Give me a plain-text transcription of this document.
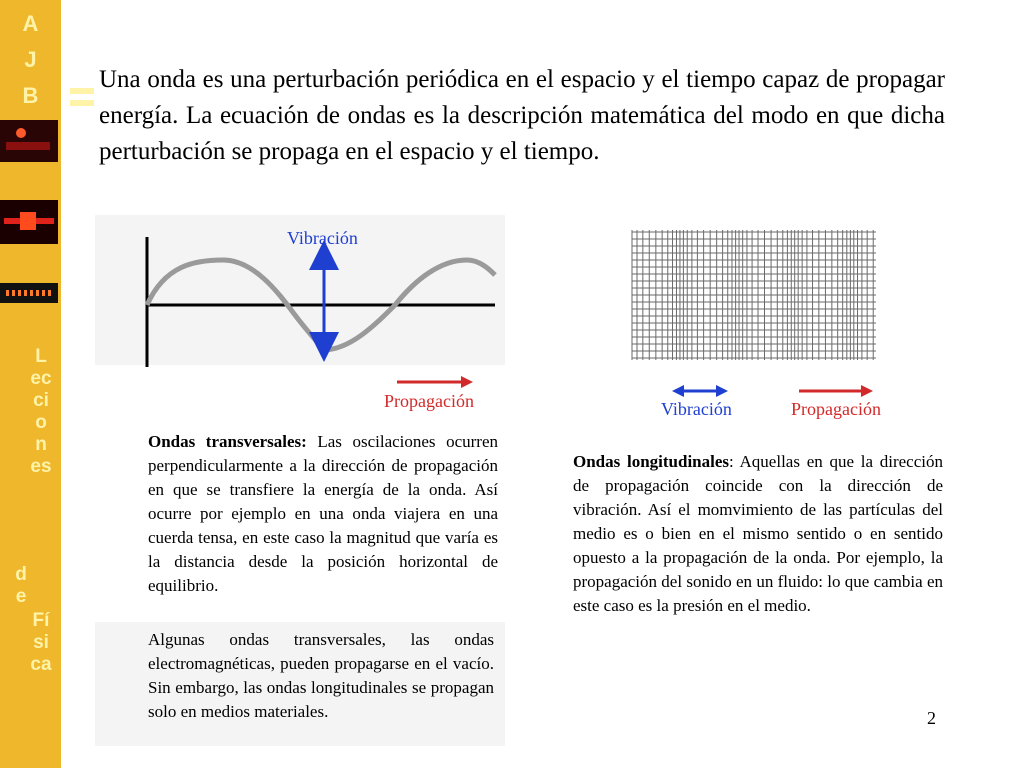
A
J
B
Lecciones
de
Física
Una onda es una perturbación periódica en el espacio y el tiempo capaz de propagar energía. La ecuación de ondas es la descripción matemática del modo en que dicha perturbación se propaga en el espacio y el tiempo.
Vibración
Propagación
Ondas transversales: Las oscilaciones ocurren perpendicularmente a la dirección de propagación en que se transfiere la energía de la onda. Así ocurre por ejemplo en una onda viajera en una cuerda tensa, en este caso la magnitud que varía es la distancia desde la posición horizontal de equilibrio.
Algunas ondas transversales, las ondas electromagnéticas, pueden propagarse en el vacío. Sin embargo, las ondas longitudinales se propagan solo en medios materiales.
Vibración	Propagación
Ondas longitudinales: Aquellas en que la dirección de propagación coincide con la dirección de vibración. Así el momvimiento de las partículas del medio es o bien en el mismo sentido o en sentido opuesto a la propagación de la onda. Por ejemplo, la propagación del sonido en un fluido: lo que cambia en este caso es la presión en el medio.
2
